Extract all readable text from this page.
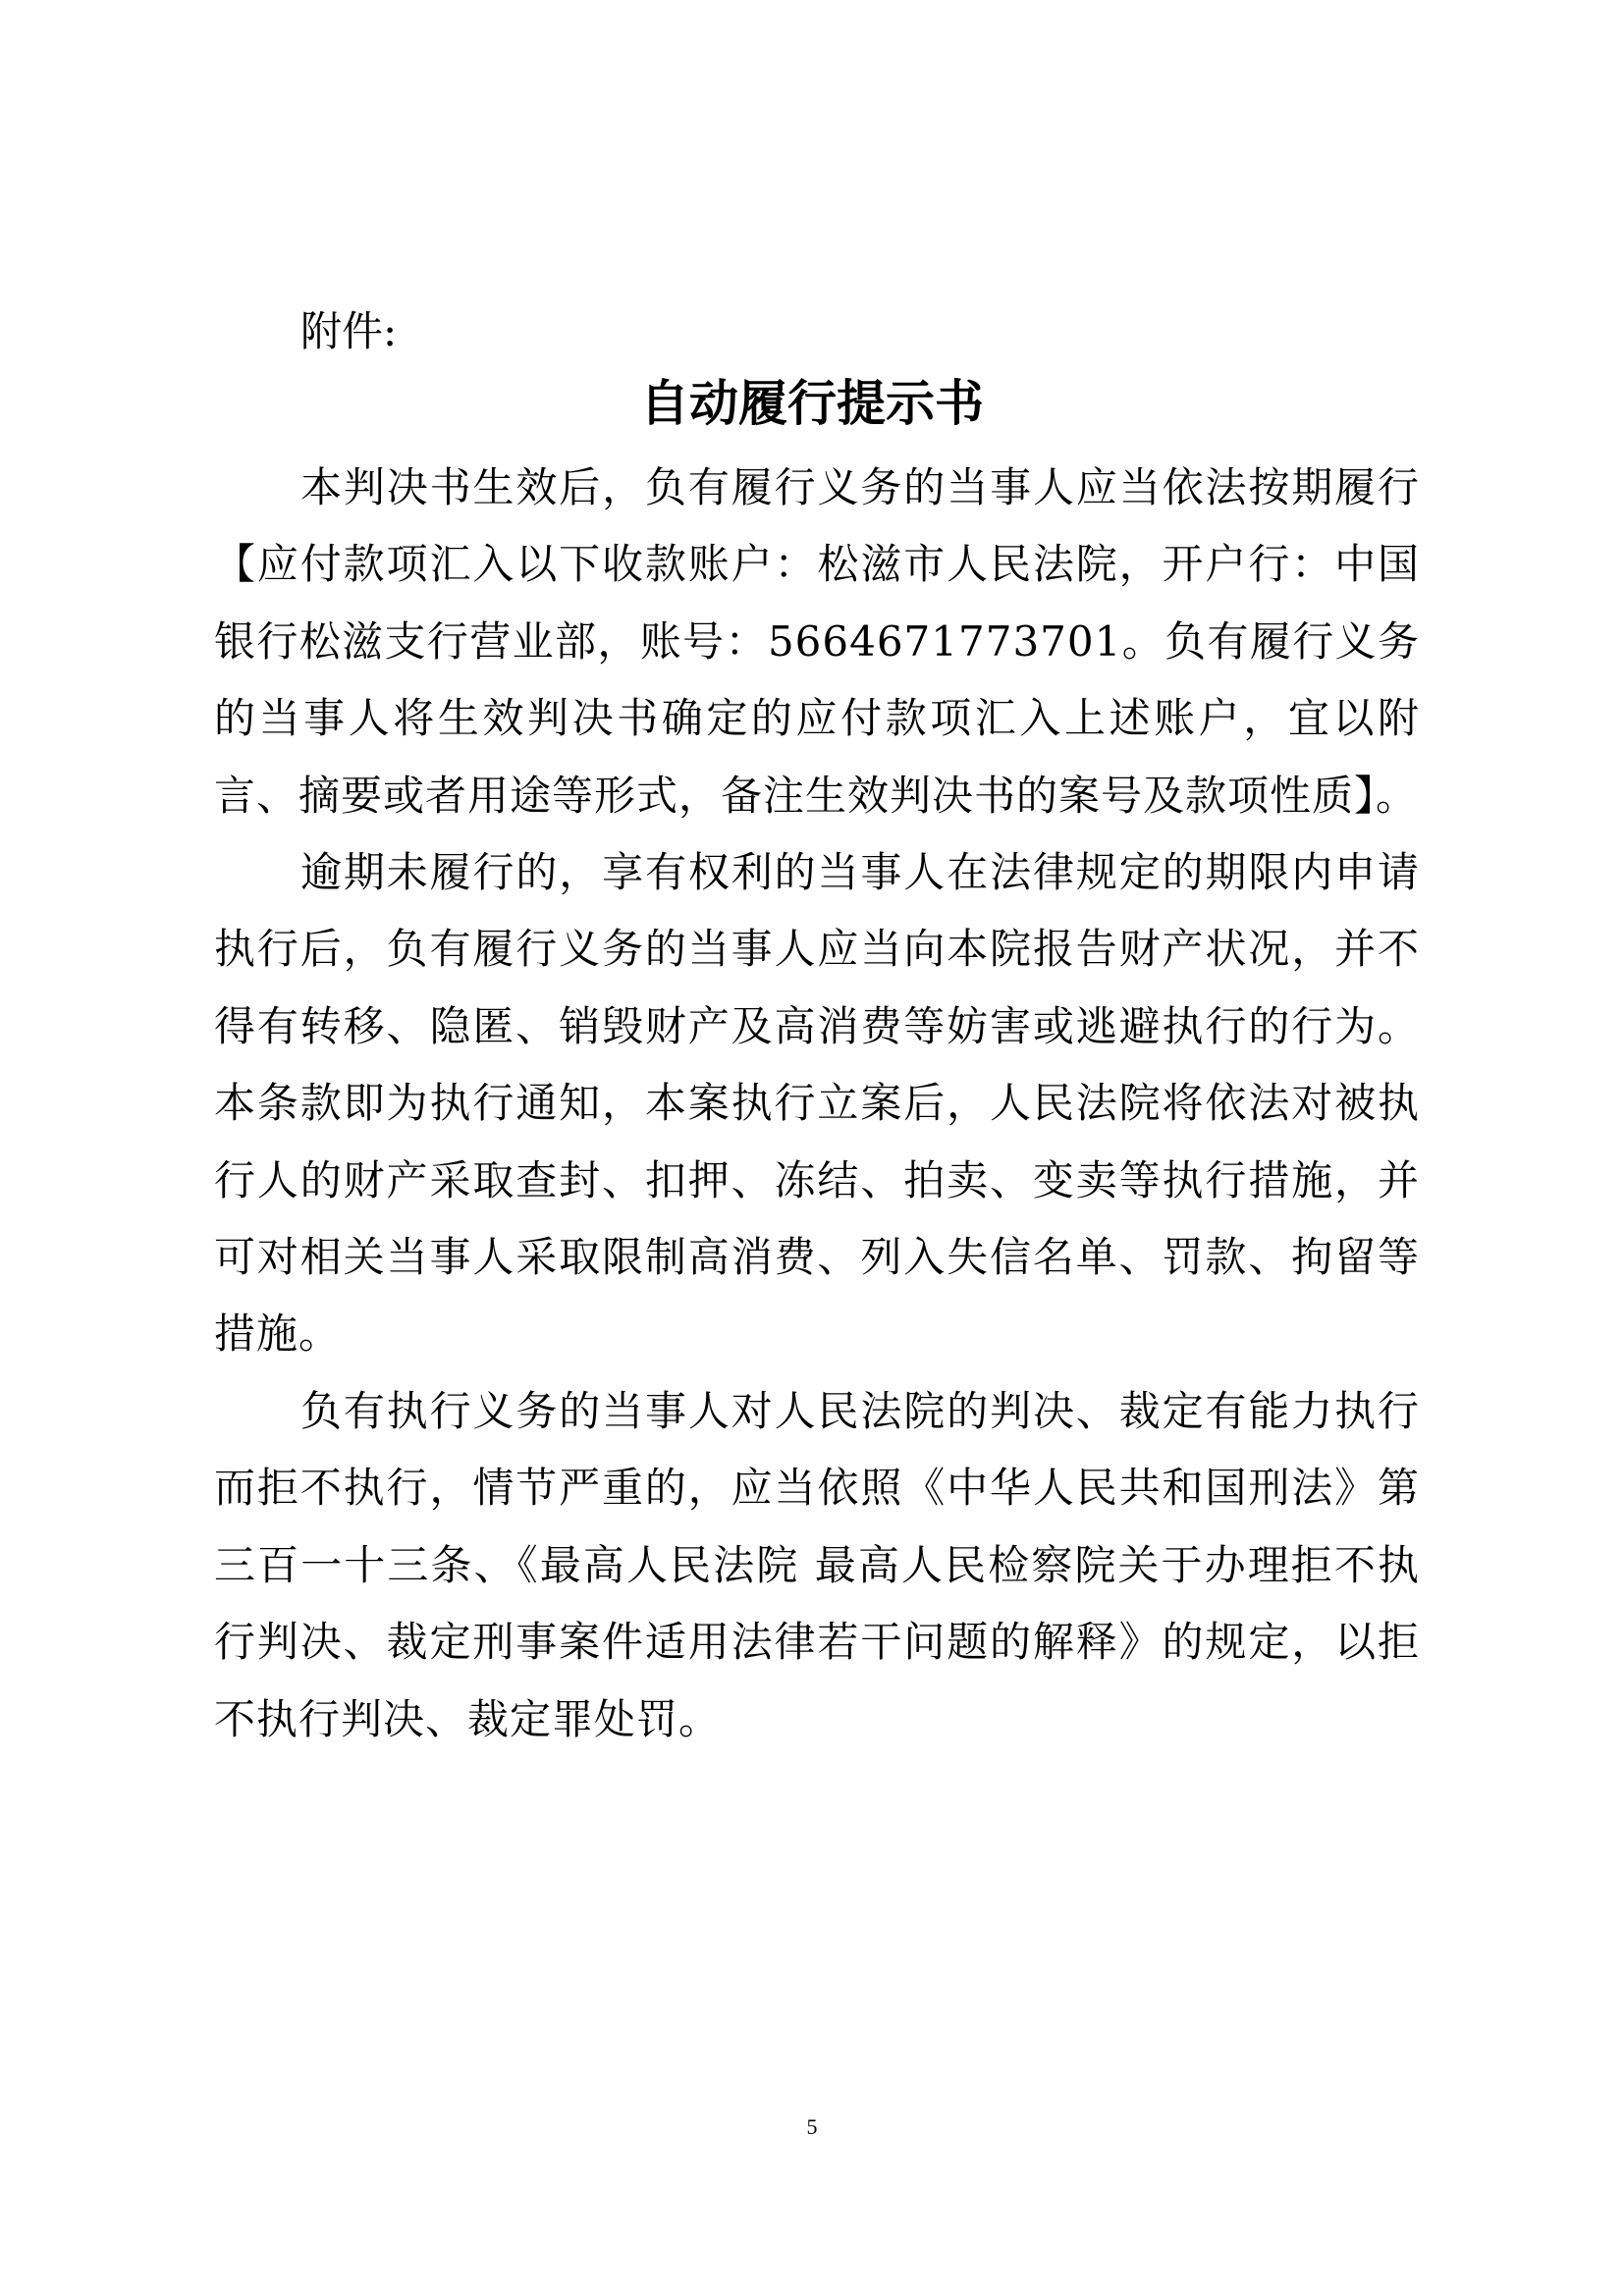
附件:
自动履行提示书

本判决书生效后，负有履行义务的当事人应当依法按期履行【应付款项汇入以下收款账户：松滋市人民法院，开户行：中国银行松滋支行营业部，账号：5664671773701。负有履行义务的当事人将生效判决书确定的应付款项汇入上述账户，宜以附言、摘要或者用途等形式，备注生效判决书的案号及款项性质】。

逾期未履行的，享有权利的当事人在法律规定的期限内申请执行后，负有履行义务的当事人应当向本院报告财产状况，并不得有转移、隐匿、销毁财产及高消费等妨害或逃避执行的行为。本条款即为执行通知，本案执行立案后，人民法院将依法对被执行人的财产采取查封、扣押、冻结、拍卖、变卖等执行措施，并可对相关当事人采取限制高消费、列入失信名单、罚款、拘留等措施。

负有执行义务的当事人对人民法院的判决、裁定有能力执行而拒不执行，情节严重的，应当依照《中华人民共和国刑法》第三百一十三条、《最高人民法院 最高人民检察院关于办理拒不执行判决、裁定刑事案件适用法律若干问题的解释》的规定，以拒不执行判决、裁定罪处罚。

5
